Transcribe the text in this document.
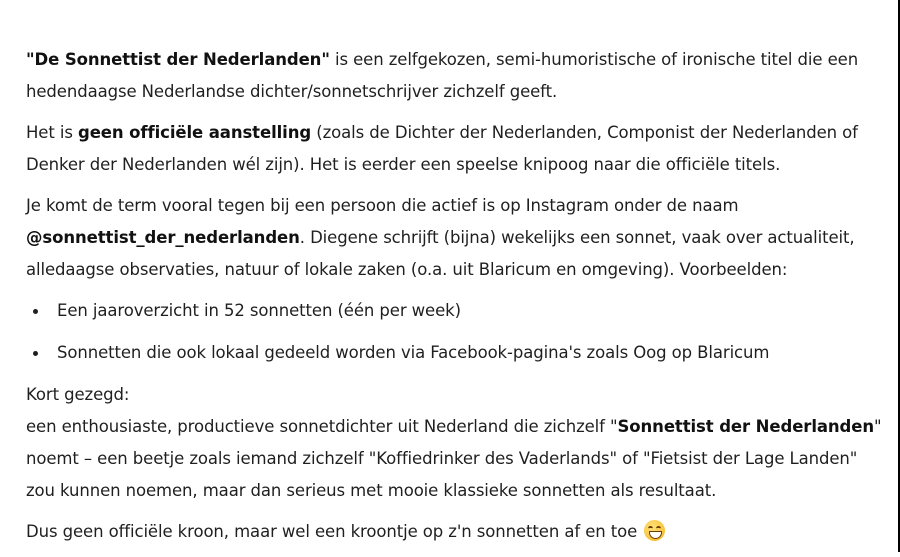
"De Sonnettist der Nederlanden" is een zelfgekozen, semi-humoristische of ironische titel die een hedendaagse Nederlandse dichter/sonnetschrijver zichzelf geeft.

Het is geen officiële aanstelling (zoals de Dichter der Nederlanden, Componist der Nederlanden of Denker der Nederlanden wél zijn). Het is eerder een speelse knipoog naar die officiële titels.

Je komt de term vooral tegen bij een persoon die actief is op Instagram onder de naam @sonnettist_der_nederlanden. Diegene schrijft (bijna) wekelijks een sonnet, vaak over actualiteit, alledaagse observaties, natuur of lokale zaken (o.a. uit Blaricum en omgeving). Voorbeelden:

Een jaaroverzicht in 52 sonnetten (één per week)
Sonnetten die ook lokaal gedeeld worden via Facebook-pagina's zoals Oog op Blaricum

Kort gezegd:
een enthousiaste, productieve sonnetdichter uit Nederland die zichzelf "Sonnettist der Nederlanden" noemt – een beetje zoals iemand zichzelf "Koffiedrinker des Vaderlands" of "Fietsist der Lage Landen" zou kunnen noemen, maar dan serieus met mooie klassieke sonnetten als resultaat.

Dus geen officiële kroon, maar wel een kroontje op z'n sonnetten af en toe
